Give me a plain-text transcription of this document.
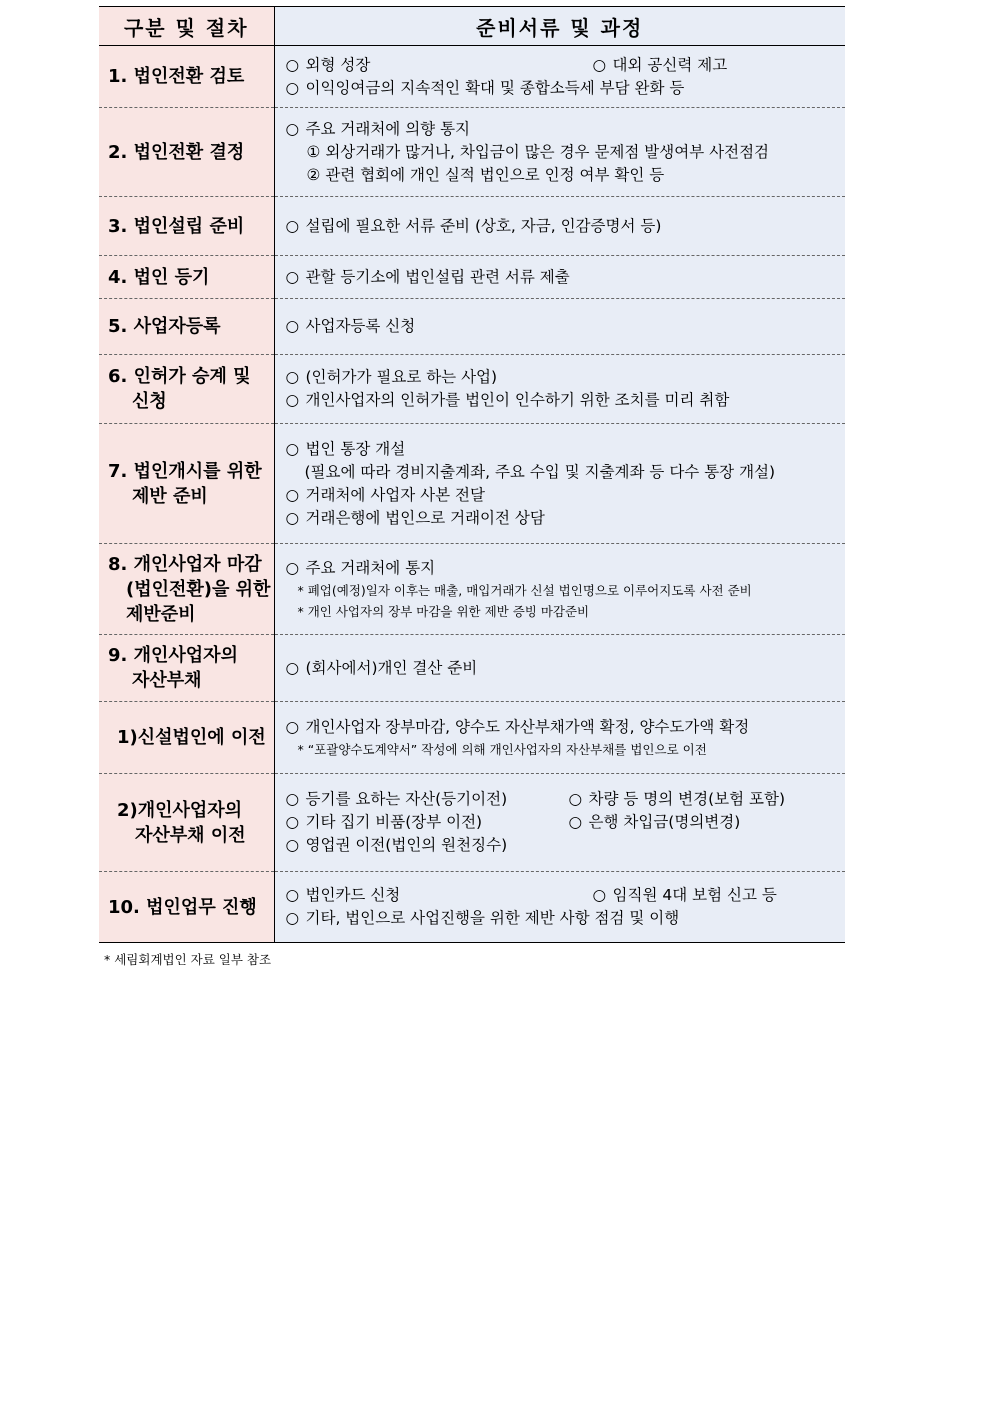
구분 및 절차	준비서류 및 과정

1. 법인전환 검토	○ 외형 성장 ○ 대외 공신력 제고
○ 이익잉여금의 지속적인 확대 및 종합소득세 부담 완화 등

2. 법인전환 결정	○ 주요 거래처에 의향 통지
① 외상거래가 많거나, 차입금이 많은 경우 문제점 발생여부 사전점검
② 관련 협회에 개인 실적 법인으로 인정 여부 확인 등

3. 법인설립 준비	○ 설립에 필요한 서류 준비 (상호, 자금, 인감증명서 등)

4. 법인 등기	○ 관할 등기소에 법인설립 관련 서류 제출

5. 사업자등록	○ 사업자등록 신청

6. 인허가 승계 및
신청	○ (인허가가 필요로 하는 사업)
○ 개인사업자의 인허가를 법인이 인수하기 위한 조치를 미리 취함

7. 법인개시를 위한
제반 준비	○ 법인 통장 개설
(필요에 따라 경비지출계좌, 주요 수입 및 지출계좌 등 다수 통장 개설)
○ 거래처에 사업자 사본 전달
○ 거래은행에 법인으로 거래이전 상담

8. 개인사업자 마감
(법인전환)을 위한
제반준비	○ 주요 거래처에 통지
* 폐업(예정)일자 이후는 매출, 매입거래가 신설 법인명으로 이루어지도록 사전 준비
* 개인 사업자의 장부 마감을 위한 제반 증빙 마감준비

9. 개인사업자의
자산부채	○ (회사에서)개인 결산 준비

1)신설법인에 이전	○ 개인사업자 장부마감, 양수도 자산부채가액 확정, 양수도가액 확정
* “포괄양수도계약서” 작성에 의해 개인사업자의 자산부채를 법인으로 이전

2)개인사업자의
자산부채 이전	○ 등기를 요하는 자산(등기이전) ○ 차량 등 명의 변경(보험 포함)
○ 기타 집기 비품(장부 이전) ○ 은행 차입금(명의변경)
○ 영업권 이전(법인의 원천징수)

10. 법인업무 진행	○ 법인카드 신청 ○ 임직원 4대 보험 신고 등
○ 기타, 법인으로 사업진행을 위한 제반 사항 점검 및 이행
* 세림회계법인 자료 일부 참조
